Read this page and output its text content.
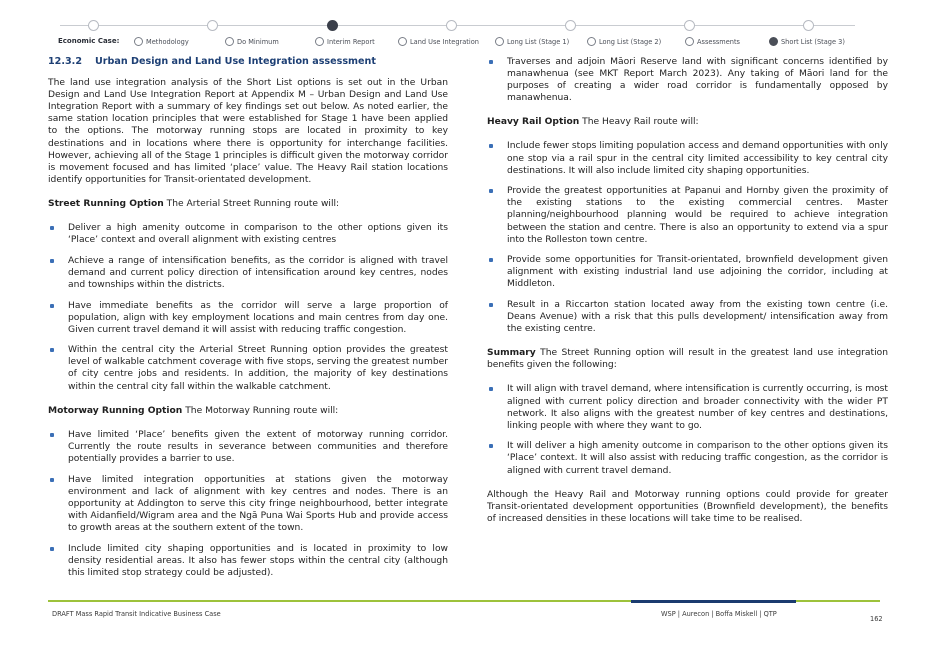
Economic Case:	Methodology	Do Minimum	Interim Report	Land Use Integration	Long List (Stage 1)	Long List (Stage 2)	Assessments	Short List (Stage 3)
12.3.2 Urban Design and Land Use Integration assessment

The land use integration analysis of the Short List options is set out in the Urban Design and Land Use Integration Report at Appendix M – Urban Design and Land Use Integration Report with a summary of key findings set out below. As noted earlier, the same station location principles that were established for Stage 1 have been applied to the options. The motorway running stops are located in proximity to key destinations and in locations where there is opportunity for interchange facilities. However, achieving all of the Stage 1 principles is difficult given the motorway corridor is movement focused and has limited ‘place’ value. The Heavy Rail station locations identify opportunities for Transit-orientated development.

Street Running Option The Arterial Street Running route will:

Deliver a high amenity outcome in comparison to the other options given its ‘Place’ context and overall alignment with existing centres
Achieve a range of intensification benefits, as the corridor is aligned with travel demand and current policy direction of intensification around key centres, nodes and townships within the districts.
Have immediate benefits as the corridor will serve a large proportion of population, align with key employment locations and main centres from day one. Given current travel demand it will assist with reducing traffic congestion.
Within the central city the Arterial Street Running option provides the greatest level of walkable catchment coverage with five stops, serving the greatest number of city centre jobs and residents. In addition, the majority of key destinations within the central city fall within the walkable catchment.

Motorway Running Option The Motorway Running route will:

Have limited ‘Place’ benefits given the extent of motorway running corridor. Currently the route results in severance between communities and therefore potentially provides a barrier to use.
Have limited integration opportunities at stations given the motorway environment and lack of alignment with key centres and nodes. There is an opportunity at Addington to serve this city fringe neighbourhood, better integrate with Aidanfield/Wigram area and the Ngā Puna Wai Sports Hub and provide access to growth areas at the southern extent of the town.
Include limited city shaping opportunities and is located in proximity to low density residential areas. It also has fewer stops within the central city (although this limited stop strategy could be adjusted).
Traverses and adjoin Māori Reserve land with significant concerns identified by manawhenua (see MKT Report March 2023). Any taking of Māori land for the purposes of creating a wider road corridor is fundamentally opposed by manawhenua.

Heavy Rail Option The Heavy Rail route will:

Include fewer stops limiting population access and demand opportunities with only one stop via a rail spur in the central city limited accessibility to key central city destinations. It will also include limited city shaping opportunities.
Provide the greatest opportunities at Papanui and Hornby given the proximity of the existing stations to the existing commercial centres. Master planning/neighbourhood planning would be required to achieve integration between the station and centre. There is also an opportunity to extend via a spur into the Rolleston town centre.
Provide some opportunities for Transit-orientated, brownfield development given alignment with existing industrial land use adjoining the corridor, including at Middleton.
Result in a Riccarton station located away from the existing town centre (i.e. Deans Avenue) with a risk that this pulls development/ intensification away from the existing centre.

Summary The Street Running option will result in the greatest land use integration benefits given the following:

It will align with travel demand, where intensification is currently occurring, is most aligned with current policy direction and broader connectivity with the wider PT network. It also aligns with the greatest number of key centres and destinations, linking people with where they want to go.
It will deliver a high amenity outcome in comparison to the other options given its ‘Place’ context. It will also assist with reducing traffic congestion, as the corridor is aligned with current travel demand.

Although the Heavy Rail and Motorway running options could provide for greater Transit-orientated development opportunities (Brownfield development), the benefits of increased densities in these locations will take time to be realised.

DRAFT Mass Rapid Transit Indicative Business Case	WSP | Aurecon | Boffa Miskell | QTP
162
